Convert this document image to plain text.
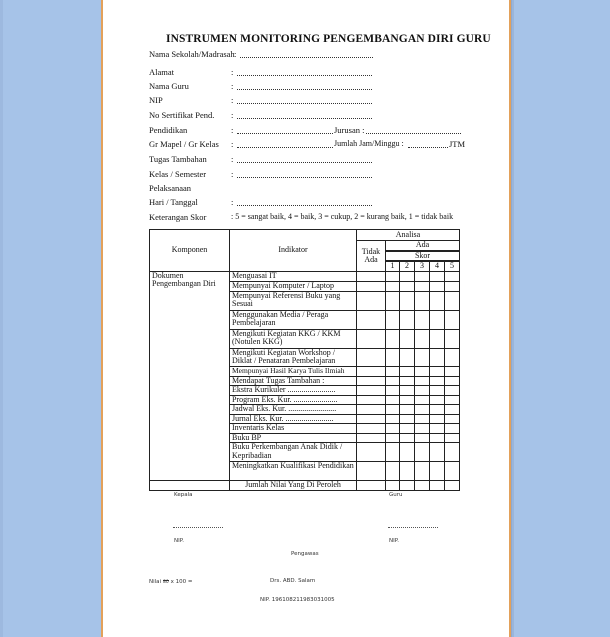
INSTRUMEN MONITORING PENGEMBANGAN DIRI GURU
Nama Sekolah/Madrasah :
Alamat	:
Nama Guru	:
NIP	:
No Sertifikat Pend. :
Pendidikan	:	Jurusan :
Gr Mapel / Gr Kelas :	Jumlah Jam/Minggu :	JTM
Tugas Tambahan	:
Kelas / Semester	:
Pelaksanaan
Hari / Tanggal	:
Keterangan Skor	: 5 = sangat baik, 4 = baik, 3 = cukup, 2 = kurang baik, 1 = tidak baik
Komponen	Indikator	Analisa					
		Tidak Ada	Ada				
			Skor				
			1	2	3	4	5
Dokumen Pengembangan Diri	Menguasai IT						
	Mempunyai Komputer / Laptop						
	Mempunyai Referensi Buku yang Sesuai						
	Menggunakan Media / Peraga Pembelajaran						
	Mengikuti Kegiatan KKG / KKM (Notulen KKG)						
	Mengikuti Kegiatan Workshop / Diklat / Penataran Pembelajaran						
	Mempunyai Hasil Karya Tulis Ilmiah						
	Mendapat Tugas Tambahan :						
	Ekstra Kurikuler ........................						
	Program Eks. Kur. ......................						
	Jadwal Eks. Kur. ........................						
	Jurnal Eks. Kur. ........................						
	Inventaris Kelas						
	Buku BP						
	Buku Perkembangan Anak Didik / Kepribadian						
	Meningkatkan Kualifikasi Pendidikan						
	Jumlah Nilai Yang Di Peroleh						
Kepala	Guru
NIP.	NIP.
Pengawas
Nilai 80 x 100 =	Drs. ABD. Salam
NIP. 196108211983031005
